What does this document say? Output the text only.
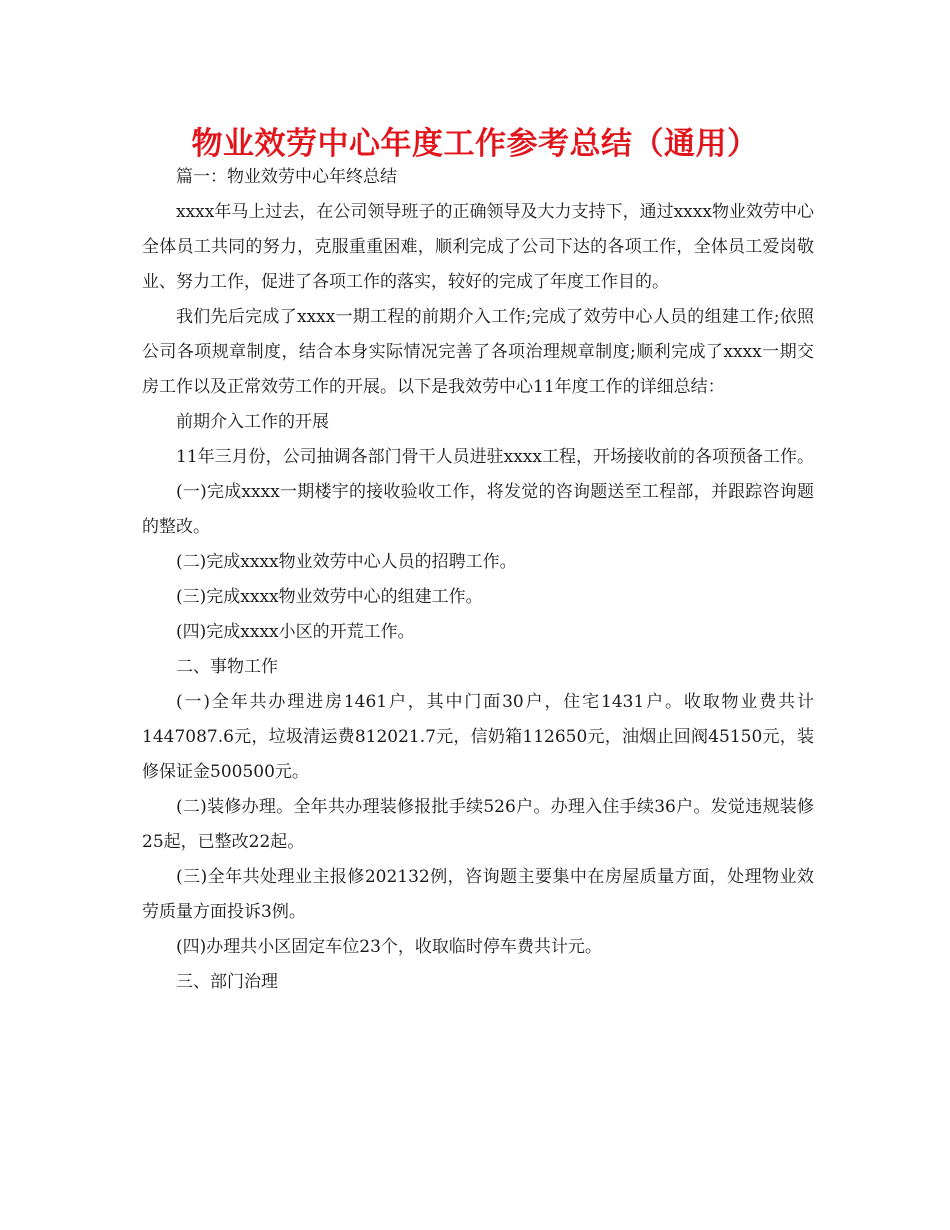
物业效劳中心年度工作参考总结（通用）

篇一：物业效劳中心年终总结

xxxx年马上过去，在公司领导班子的正确领导及大力支持下，通过xxxx物业效劳中心全体员工共同的努力，克服重重困难，顺利完成了公司下达的各项工作，全体员工爱岗敬业、努力工作，促进了各项工作的落实，较好的完成了年度工作目的。

我们先后完成了xxxx一期工程的前期介入工作;完成了效劳中心人员的组建工作;依照公司各项规章制度，结合本身实际情况完善了各项治理规章制度;顺利完成了xxxx一期交房工作以及正常效劳工作的开展。以下是我效劳中心11年度工作的详细总结：

前期介入工作的开展

11年三月份，公司抽调各部门骨干人员进驻xxxx工程，开场接收前的各项预备工作。

(一)完成xxxx一期楼宇的接收验收工作，将发觉的咨询题送至工程部，并跟踪咨询题的整改。

(二)完成xxxx物业效劳中心人员的招聘工作。

(三)完成xxxx物业效劳中心的组建工作。

(四)完成xxxx小区的开荒工作。

二、事物工作

(一)全年共办理进房1461户，其中门面30户，住宅1431户。收取物业费共计1447087.6元，垃圾清运费812021.7元，信奶箱112650元，油烟止回阀45150元，装修保证金500500元。

(二)装修办理。全年共办理装修报批手续526户。办理入住手续36户。发觉违规装修25起，已整改22起。

(三)全年共处理业主报修202132例，咨询题主要集中在房屋质量方面，处理物业效劳质量方面投诉3例。

(四)办理共小区固定车位23个，收取临时停车费共计元。

三、部门治理
